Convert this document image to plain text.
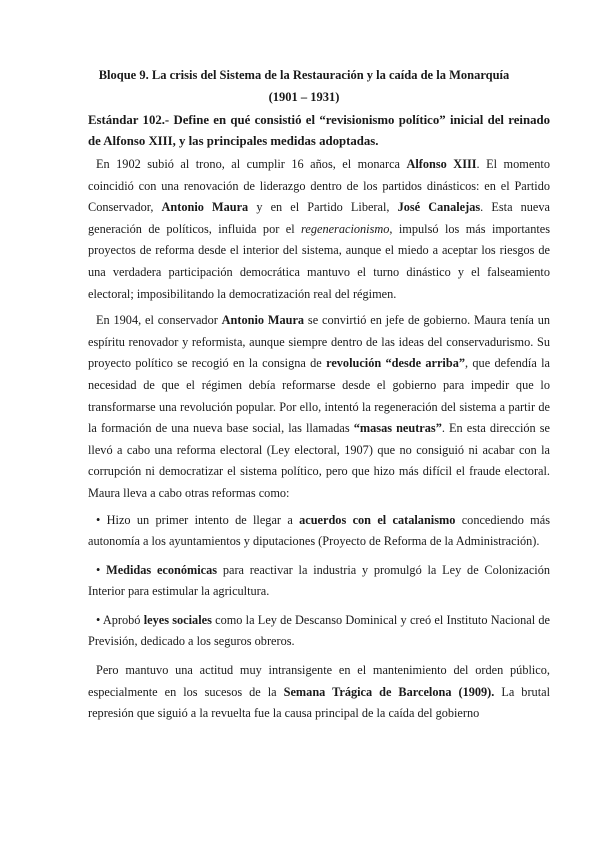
Bloque 9. La crisis del Sistema de la Restauración y la caída de la Monarquía
(1901 – 1931)
Estándar 102.- Define en qué consistió el “revisionismo político” inicial del reinado de Alfonso XIII, y las principales medidas adoptadas.

En 1902 subió al trono, al cumplir 16 años, el monarca Alfonso XIII. El momento coincidió con una renovación de liderazgo dentro de los partidos dinásticos: en el Partido Conservador, Antonio Maura y en el Partido Liberal, José Canalejas. Esta nueva generación de políticos, influida por el regeneracionismo, impulsó los más importantes proyectos de reforma desde el interior del sistema, aunque el miedo a aceptar los riesgos de una verdadera participación democrática mantuvo el turno dinástico y el falseamiento electoral; imposibilitando la democratización real del régimen.

En 1904, el conservador Antonio Maura se convirtió en jefe de gobierno. Maura tenía un espíritu renovador y reformista, aunque siempre dentro de las ideas del conservadurismo. Su proyecto político se recogió en la consigna de revolución “desde arriba”, que defendía la necesidad de que el régimen debía reformarse desde el gobierno para impedir que lo transformarse una revolución popular. Por ello, intentó la regeneración del sistema a partir de la formación de una nueva base social, las llamadas “masas neutras”. En esta dirección se llevó a cabo una reforma electoral (Ley electoral, 1907) que no consiguió ni acabar con la corrupción ni democratizar el sistema político, pero que hizo más difícil el fraude electoral. Maura lleva a cabo otras reformas como:

• Hizo un primer intento de llegar a acuerdos con el catalanismo concediendo más autonomía a los ayuntamientos y diputaciones (Proyecto de Reforma de la Administración).

• Medidas económicas para reactivar la industria y promulgó la Ley de Colonización Interior para estimular la agricultura.

• Aprobó leyes sociales como la Ley de Descanso Dominical y creó el Instituto Nacional de Previsión, dedicado a los seguros obreros.

Pero mantuvo una actitud muy intransigente en el mantenimiento del orden público, especialmente en los sucesos de la Semana Trágica de Barcelona (1909). La brutal represión que siguió a la revuelta fue la causa principal de la caída del gobierno
